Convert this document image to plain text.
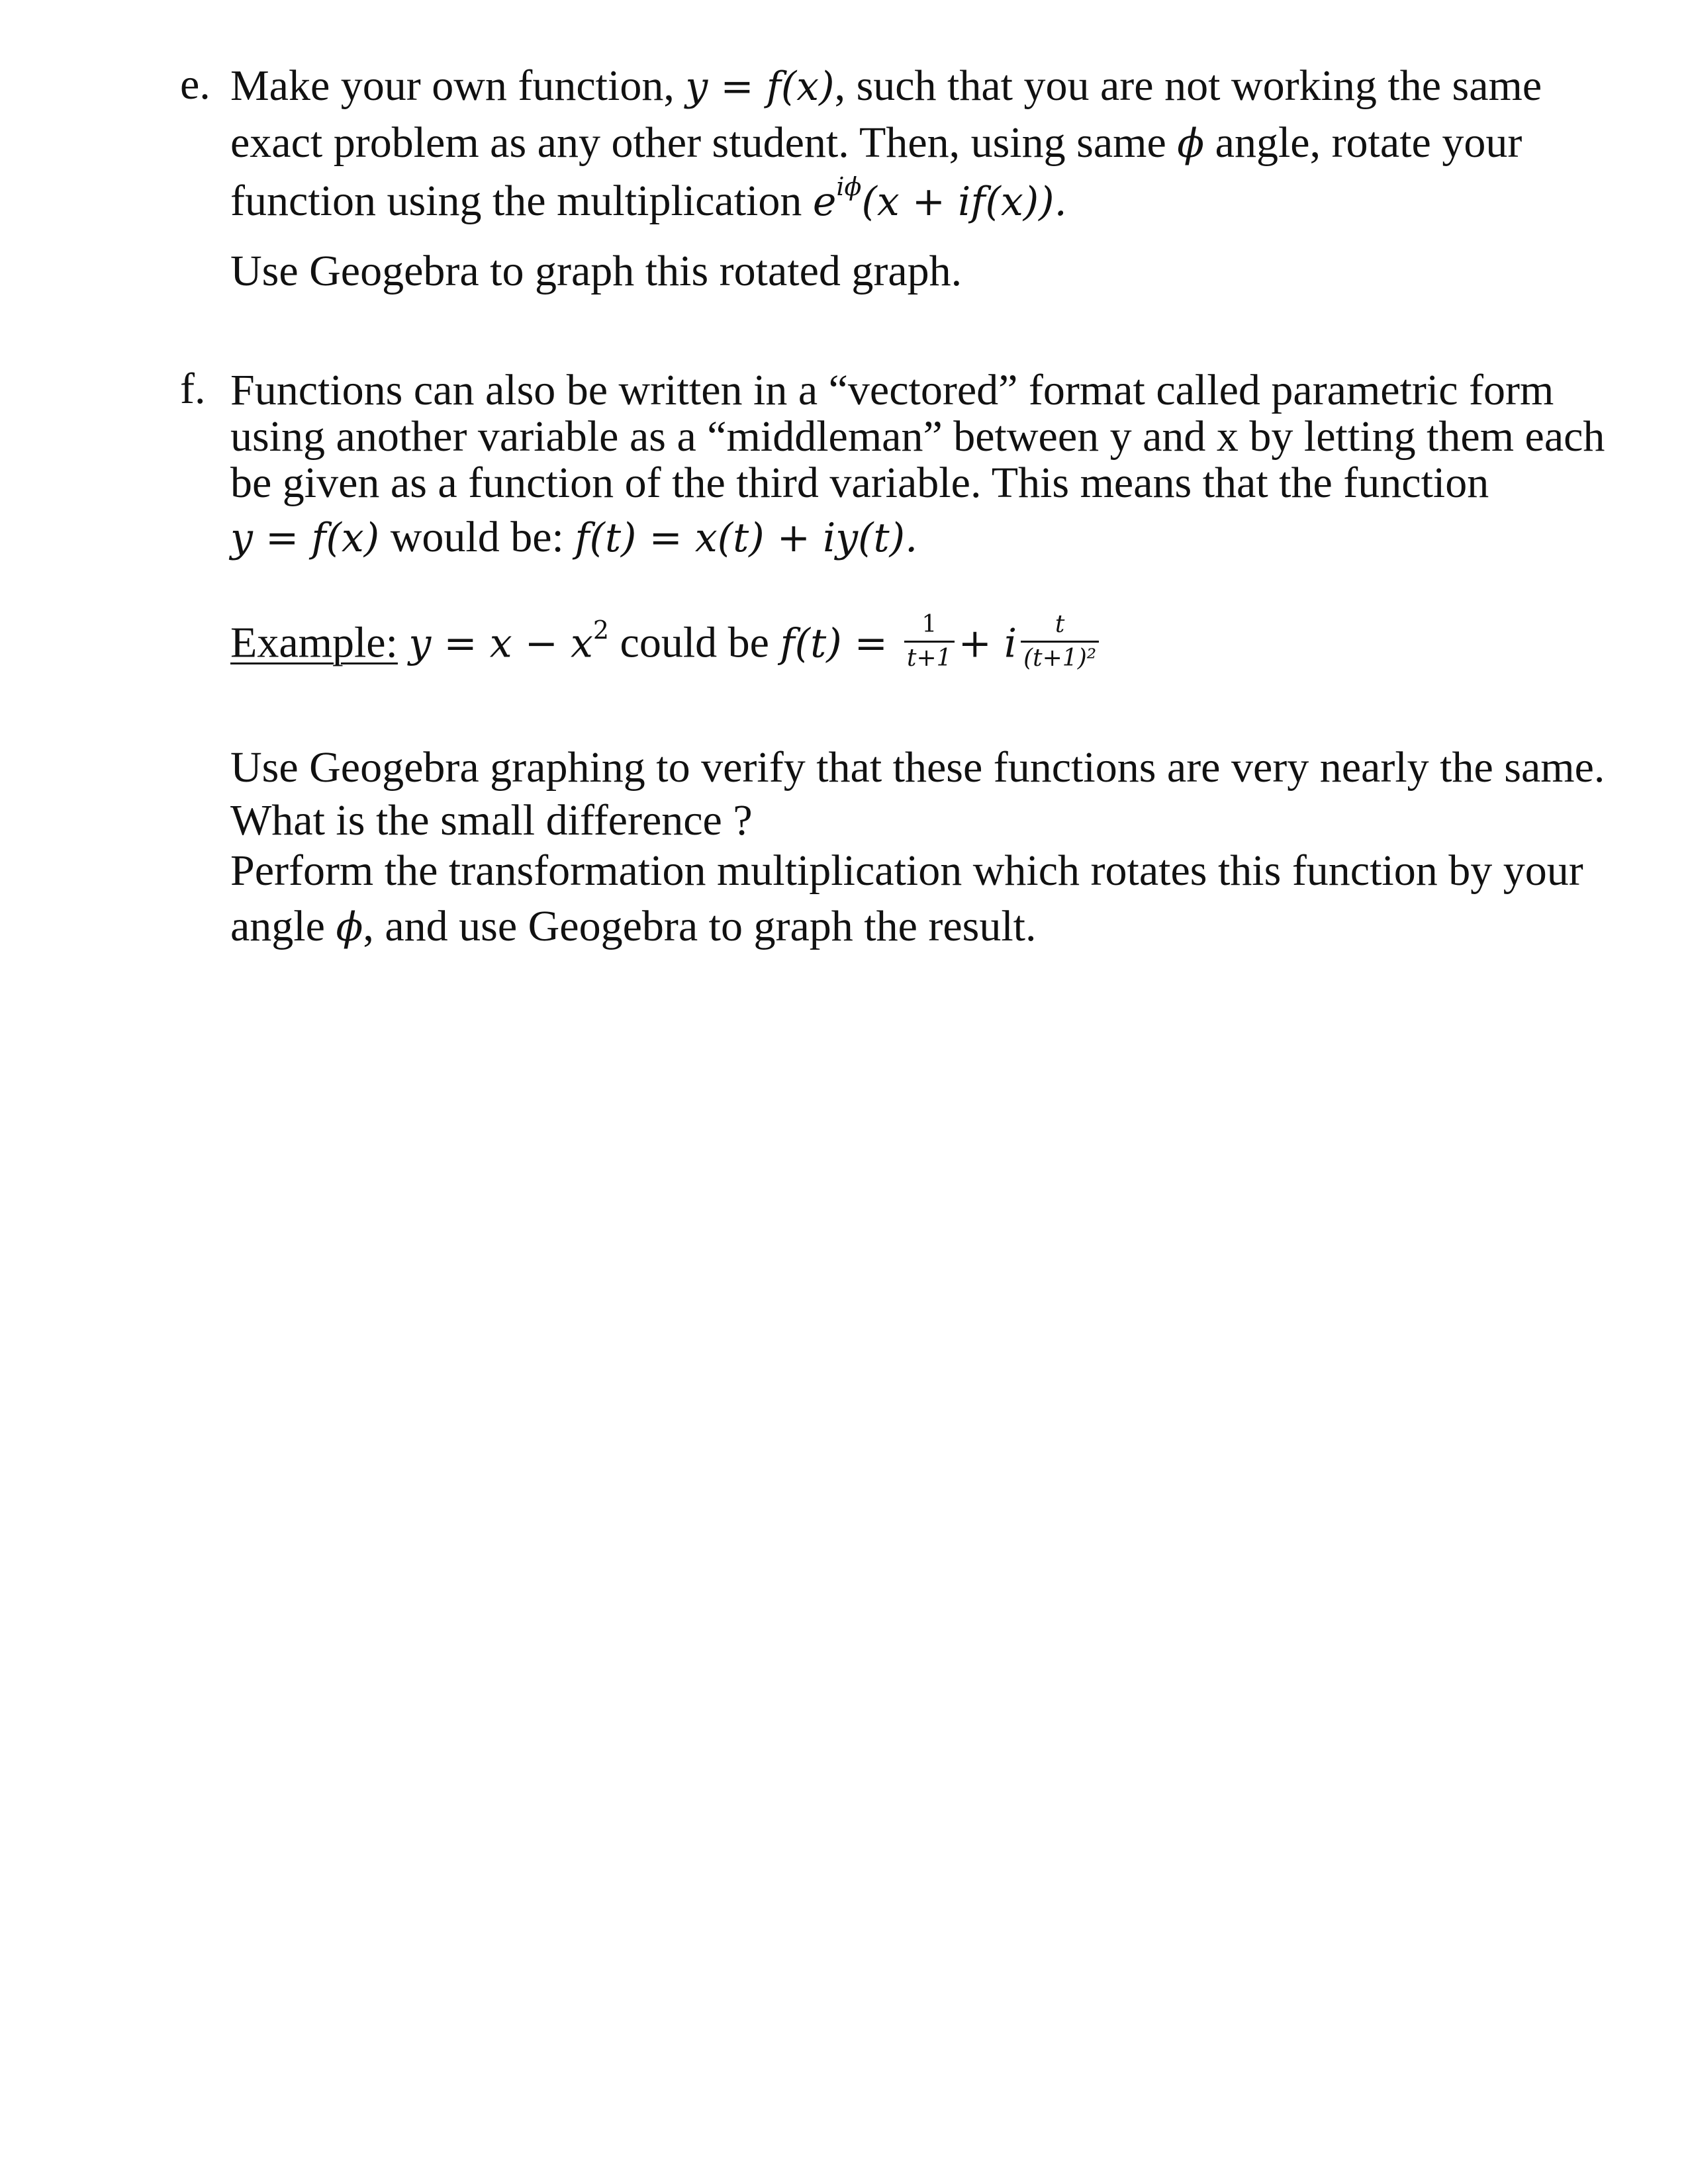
e. Make your own function, y = f(x), such that you are not working the same
exact problem as any other student. Then, using same ϕ angle, rotate your
function using the multiplication $e^{i\phi}(x + if(x))$.
Use Geogebra to graph this rotated graph.
f. Functions can also be written in a “vectored” format called parametric form
using another variable as a “middleman” between y and x by letting them each
be given as a function of the third variable. This means that the function
y = f(x) would be: f(t) = x(t) + iy(t).
Example: $y = x - x^2$ could be $f(t) = \frac{1}{t+1} + i \frac{t}{\text{(t+1)²}}$
Use Geogebra graphing to verify that these functions are very nearly the same.
What is the small difference ?
Perform the transformation multiplication which rotates this function by your
angle ϕ, and use Geogebra to graph the result.
